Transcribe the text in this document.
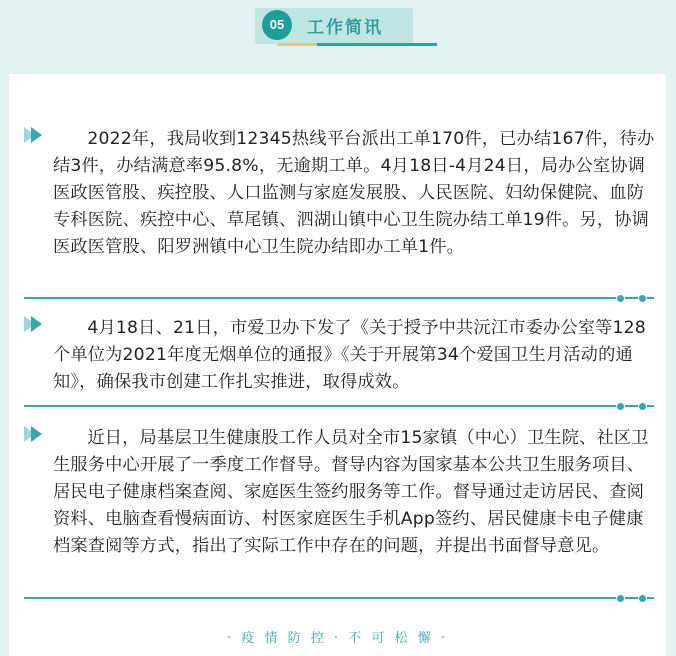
05	工作简讯

2022年，我局收到12345热线平台派出工单170件，已办结167件，待办结3件，办结满意率95.8%，无逾期工单。4月18日-4月24日，局办公室协调医政医管股、疾控股、人口监测与家庭发展股、人民医院、妇幼保健院、血防专科医院、疾控中心、草尾镇、泗湖山镇中心卫生院办结工单19件。另，协调医政医管股、阳罗洲镇中心卫生院办结即办工单1件。

4月18日、21日，市爱卫办下发了《关于授予中共沅江市委办公室等128个单位为2021年度无烟单位的通报》《关于开展第34个爱国卫生月活动的通知》，确保我市创建工作扎实推进，取得成效。

近日，局基层卫生健康股工作人员对全市15家镇（中心）卫生院、社区卫生服务中心开展了一季度工作督导。督导内容为国家基本公共卫生服务项目、居民电子健康档案查阅、家庭医生签约服务等工作。督导通过走访居民、查阅资料、电脑查看慢病面访、村医家庭医生手机App签约、居民健康卡电子健康档案查阅等方式，指出了实际工作中存在的问题，并提出书面督导意见。

· 疫 情 防 控 · 不 可 松 懈 ·
